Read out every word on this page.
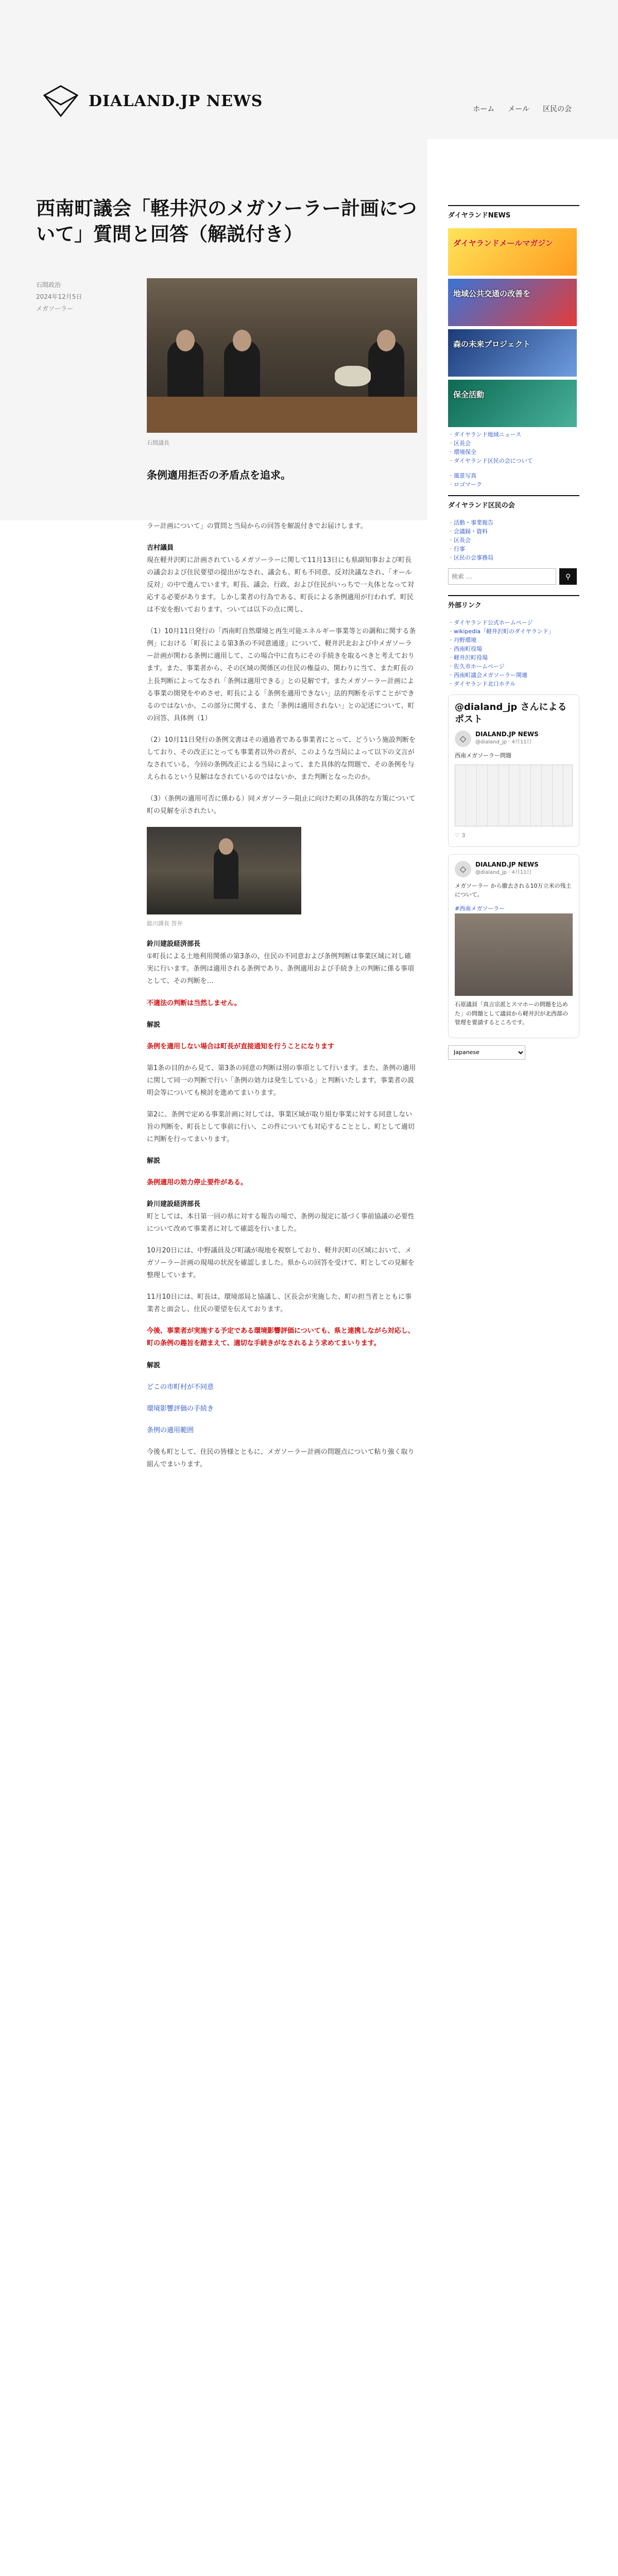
DIALAND.JP NEWS	ホーム メール 区民の会
西南町議会「軽井沢のメガソーラー計画について」質問と回答（解説付き）
石間政治
2024年12月5日
メガソーラー
石間議長
条例適用拒否の矛盾点を追求。

ラー計画について」の質問と当局からの回答を解説付きでお届けします。

吉村議員
現在軽井沢町に計画されているメガソーラーに関して11月13日にも県副知事および町長の議会および住民要望の提出がなされ、議会も、町も不同意、反対決議なされ、「オール反対」の中で進んでいます。町長、議会、行政、および住民がいっちで一丸体となって対応する必要があります。しかし業者の行為である、町長による条例適用が行われず、町民は不安を抱いております。ついては以下の点に関し、

（1）10月11日発行の「西南町自然環境と再生可能エネルギー事業等との調和に関する条例」における「町長による第3条の不同意通達」について、軽井沢北および中メガソーラー計画が関わる条例に適用して、この場合中に直ちにその手続きを取るべきと考えております。また、事業者から、その区域の関係区の住民の権益の、関わりに当て、また町長の上長判断によってなされ「条例は適用できる」との見解です。またメガソーラー計画による事業の開発をやめさせ、町長による「条例を適用できない」法的判断を示すことができるのではないか、この部分に関する、また「条例は適用されない」との記述について、町の回答、具体例（1）

（2）10月11日発行の条例文書はその通過者である事業者にとって、どういう施設判断をしており、その改正にとっても事業者以外の者が、このような当局によって以下の文言がなされている。今回の条例改正による当局によって、また具体的な問題で、その条例を与えられるという見解はなされているのではないか、また判断となったのか。

（3）（条例の適用可否に係わる）同メガソーラー阻止に向けた町の具体的な方策について町の見解を示されたい。

総川課長 答弁

鈴川建設経済部長
①町長による土地利用関係の第3条の、住民の不同意および条例判断は事業区域に対し確実に行います。条例は適用される条例であり、条例適用および手続き上の判断に係る事項として、その判断を…

不適法の判断は当然しません。

解説

条例を適用しない場合は町長が直接通知を行うことになります

第1条の目的から見て、第3条の同意の判断は別の事項として行います。また、条例の適用に関して同一の判断で行い「条例の効力は発生している」と判断いたします。事業者の説明会等についても検討を進めてまいります。

第2に、条例で定める事業計画に対しては、事業区域が取り組む事業に対する同意しない旨の判断を、町長として事前に行い、この件についても対応することとし、町として適切に判断を行ってまいります。

解説

条例適用の効力停止要件がある。

鈴川建設経済部長
町としては、本日第一回の県に対する報告の場で、条例の規定に基づく事前協議の必要性について改めて事業者に対して確認を行いました。

10月20日には、中野議員及び町議が現地を視察しており、軽井沢町の区域において、メガソーラー計画の現場の状況を確認しました。県からの回答を受けて、町としての見解を整理しています。

11月10日には、町長は、環境部局と協議し、区長会が実施した、町の担当者とともに事業者と面会し、住民の要望を伝えております。

今後、事業者が実施する予定である環境影響評価についても、県と連携しながら対応し、町の条例の趣旨を踏まえて、適切な手続きがなされるよう求めてまいります。

解説

どこの市町村が不同意

環境影響評価の手続き

条例の適用範囲

今後も町として、住民の皆様とともに、メガソーラー計画の問題点について粘り強く取り組んでまいります。

ダイヤランドNEWS
ダイヤランドメールマガジン
地域公共交通の改善を
森の未来プロジェクト
保全活動
・ ダイヤランド地域ニュース
・ 区長会
・ 環境保全
・ ダイヤランド区民の会について
・ 風景写真
・ ロゴマーク
ダイヤランド区民の会
・ 活動・事業報告
・ 会議録・資料
・ 区長会
・ 行事
・ 区民の会事務局
検索 …
⚲
外部リンク
・ ダイヤランド公式ホームページ
・ wikipedia「軽井沢町のダイヤランド」
・ 丹野環境
・ 西南町役場
・ 軽井沢町役場
・ 佐久市ホームページ
・ 西南町議会メガソーラー関連
・ ダイヤランド北口ホテル
@dialand_jp さんによるポスト
◇ DIALAND.JP NEWS
@dialand_jp · 4月11日
西南メガソーラー問題
♡ 3
◇ DIALAND.JP NEWS
@dialand_jp · 4月11日
メガソーラー から撤去される10万立米の残土について。
#西南メガソーラー
石原議員「真言宗派とスマホーの問題を込めた」の問題として議員から軽井沢が北西部の管理を要請するところです。
Japanese
